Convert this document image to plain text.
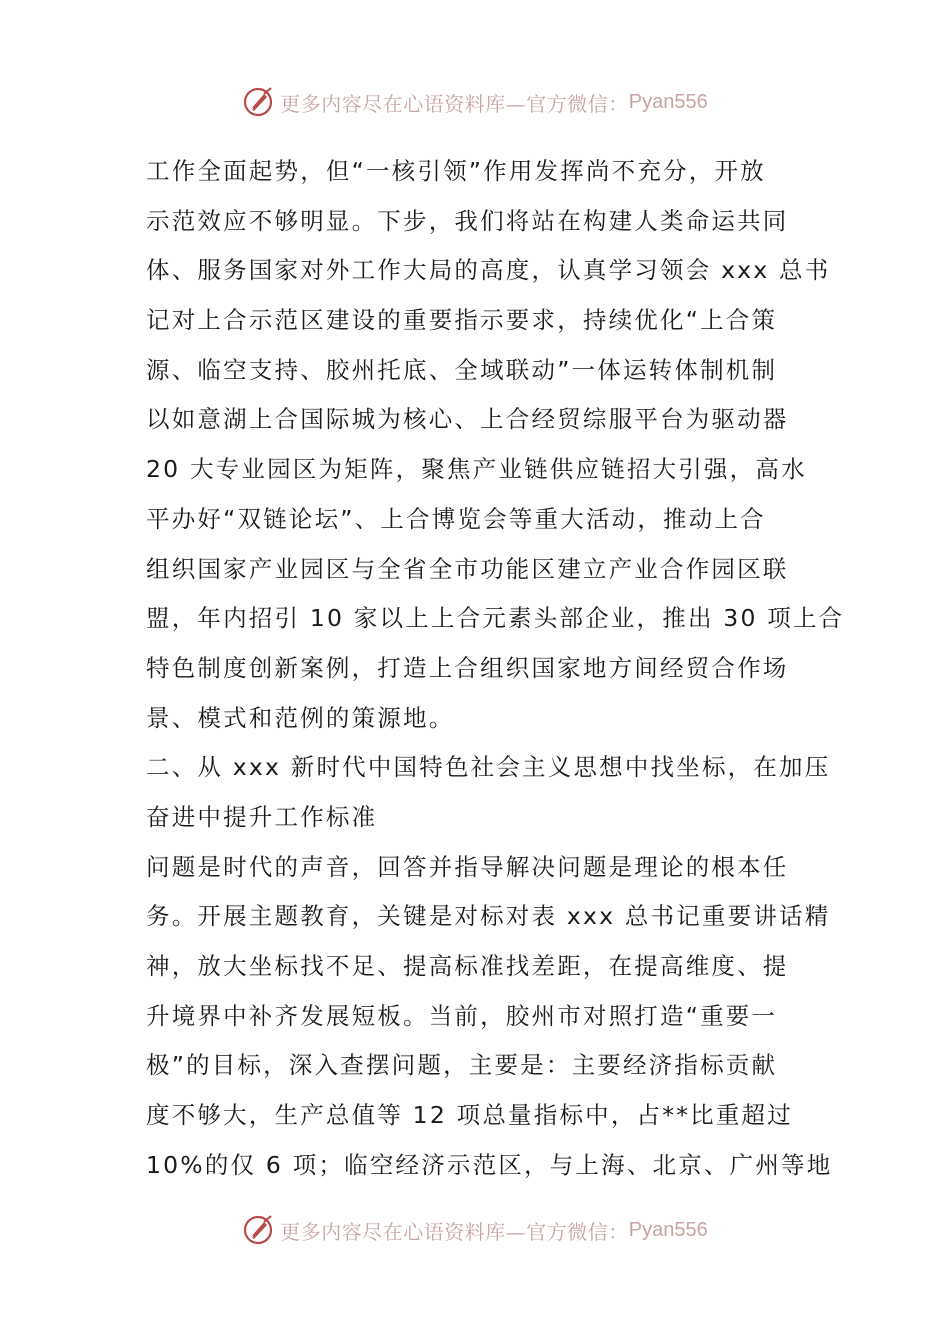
更多内容尽在心语资料库—官方微信： Pyan556
工作全面起势，但“一核引领”作用发挥尚不充分，开放
示范效应不够明显。下步，我们将站在构建人类命运共同
体、服务国家对外工作大局的高度，认真学习领会 xxx 总书
记对上合示范区建设的重要指示要求，持续优化“上合策
源、临空支持、胶州托底、全域联动”一体运转体制机制
以如意湖上合国际城为核心、上合经贸综服平台为驱动器
20 大专业园区为矩阵，聚焦产业链供应链招大引强，高水
平办好“双链论坛”、上合博览会等重大活动，推动上合
组织国家产业园区与全省全市功能区建立产业合作园区联
盟，年内招引 10 家以上上合元素头部企业，推出 30 项上合
特色制度创新案例，打造上合组织国家地方间经贸合作场
景、模式和范例的策源地。
二、从 xxx 新时代中国特色社会主义思想中找坐标，在加压
奋进中提升工作标准
问题是时代的声音，回答并指导解决问题是理论的根本任
务。开展主题教育，关键是对标对表 xxx 总书记重要讲话精
神，放大坐标找不足、提高标准找差距，在提高维度、提
升境界中补齐发展短板。当前，胶州市对照打造“重要一
极”的目标，深入查摆问题，主要是：主要经济指标贡献
度不够大，生产总值等 12 项总量指标中，占**比重超过
10%的仅 6 项；临空经济示范区，与上海、北京、广州等地
更多内容尽在心语资料库—官方微信： Pyan556
